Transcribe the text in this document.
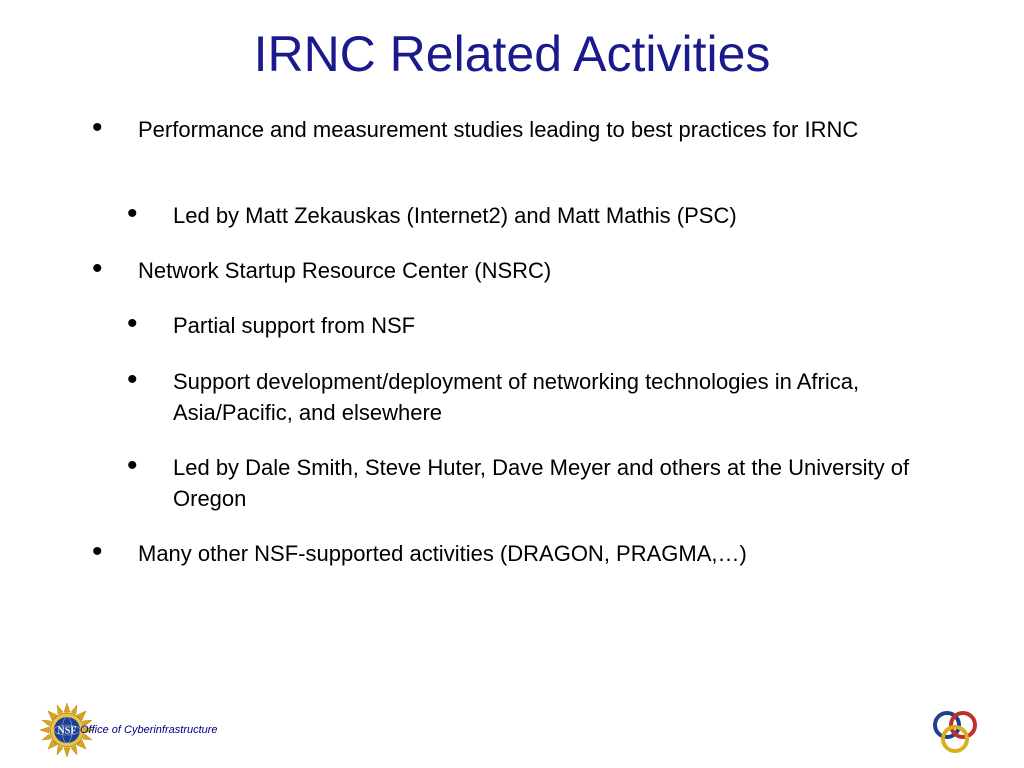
IRNC Related Activities
• Performance and measurement studies leading to best practices for IRNC
• Led by Matt Zekauskas (Internet2) and Matt Mathis (PSC)
• Network Startup Resource Center (NSRC)
• Partial support from NSF
• Support development/deployment of networking technologies in Africa, Asia/Pacific, and elsewhere
• Led by Dale Smith, Steve Huter, Dave Meyer and others at the University of Oregon
• Many other NSF-supported activities (DRAGON, PRAGMA,…)
NSF Office of Cyberinfrastructure
